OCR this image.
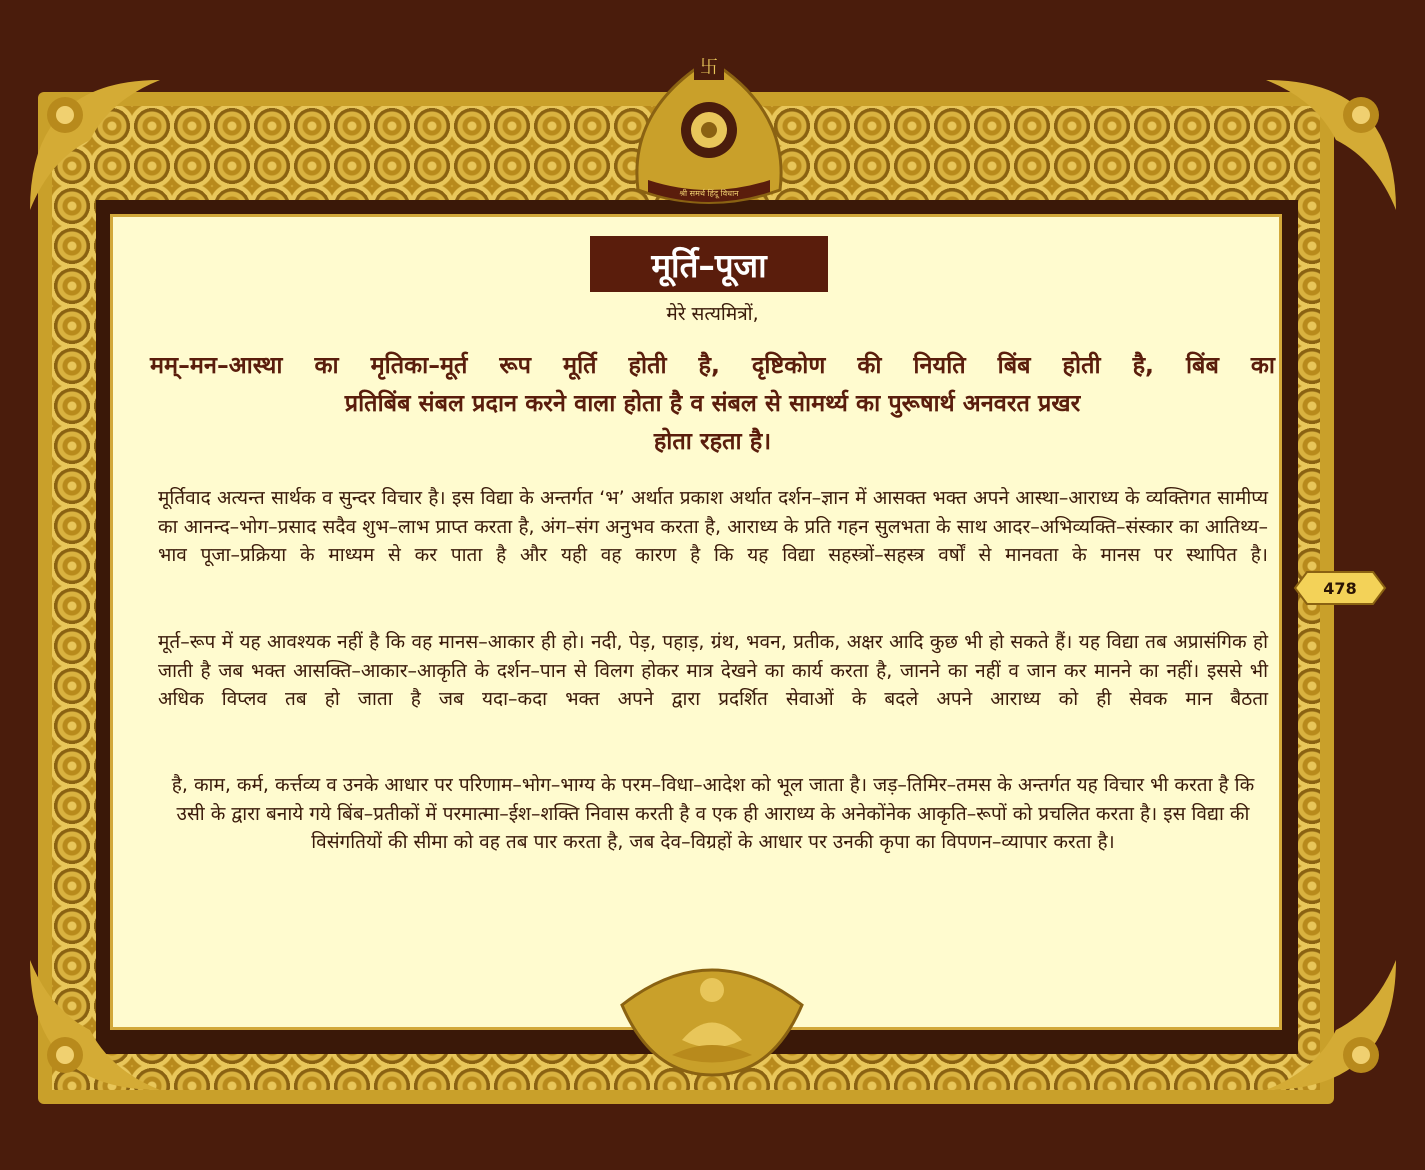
卐
श्री समर्थ हिंदू विधान
मूर्ति–पूजा
मेरे सत्यमित्रों,
मम्–मन–आस्था का मृतिका–मूर्त रूप मूर्ति होती है, दृष्टिकोण की नियति बिंब होती है, बिंब का
प्रतिबिंब संबल प्रदान करने वाला होता है व संबल से सामर्थ्य का पुरूषार्थ अनवरत प्रखर
होता रहता है।
मूर्तिवाद अत्यन्त सार्थक व सुन्दर विचार है। इस विद्या के अन्तर्गत ‘भ’ अर्थात प्रकाश अर्थात दर्शन–ज्ञान में आसक्त भक्त अपने आस्था–आराध्य के व्यक्तिगत सामीप्य का आनन्द–भोग–प्रसाद सदैव शुभ–लाभ प्राप्त करता है, अंग–संग अनुभव करता है, आराध्य के प्रति गहन सुलभता के साथ आदर–अभिव्यक्ति–संस्कार का आतिथ्य–भाव पूजा–प्रक्रिया के माध्यम से कर पाता है और यही वह कारण है कि यह विद्या सहस्त्रों–सहस्त्र वर्षों से मानवता के मानस पर स्थापित है।
मूर्त–रूप में यह आवश्यक नहीं है कि वह मानस–आकार ही हो। नदी, पेड़, पहाड़, ग्रंथ, भवन, प्रतीक, अक्षर आदि कुछ भी हो सकते हैं। यह विद्या तब अप्रासंगिक हो जाती है जब भक्त आसक्ति–आकार–आकृति के दर्शन–पान से विलग होकर मात्र देखने का कार्य करता है, जानने का नहीं व जान कर मानने का नहीं। इससे भी अधिक विप्लव तब हो जाता है जब यदा–कदा भक्त अपने द्वारा प्रदर्शित सेवाओं के बदले अपने आराध्य को ही सेवक मान बैठता
है, काम, कर्म, कर्त्तव्य व उनके आधार पर परिणाम–भोग–भाग्य के परम–विधा–आदेश को भूल जाता है। जड़–तिमिर–तमस के अन्तर्गत यह विचार भी करता है कि उसी के द्वारा बनाये गये बिंब–प्रतीकों में परमात्मा–ईश–शक्ति निवास करती है व एक ही आराध्य के अनेकोंनेक आकृति–रूपों को प्रचलित करता है। इस विद्या की विसंगतियों की सीमा को वह तब पार करता है, जब देव–विग्रहों के आधार पर उनकी कृपा का विपणन–व्यापार करता है।
478
